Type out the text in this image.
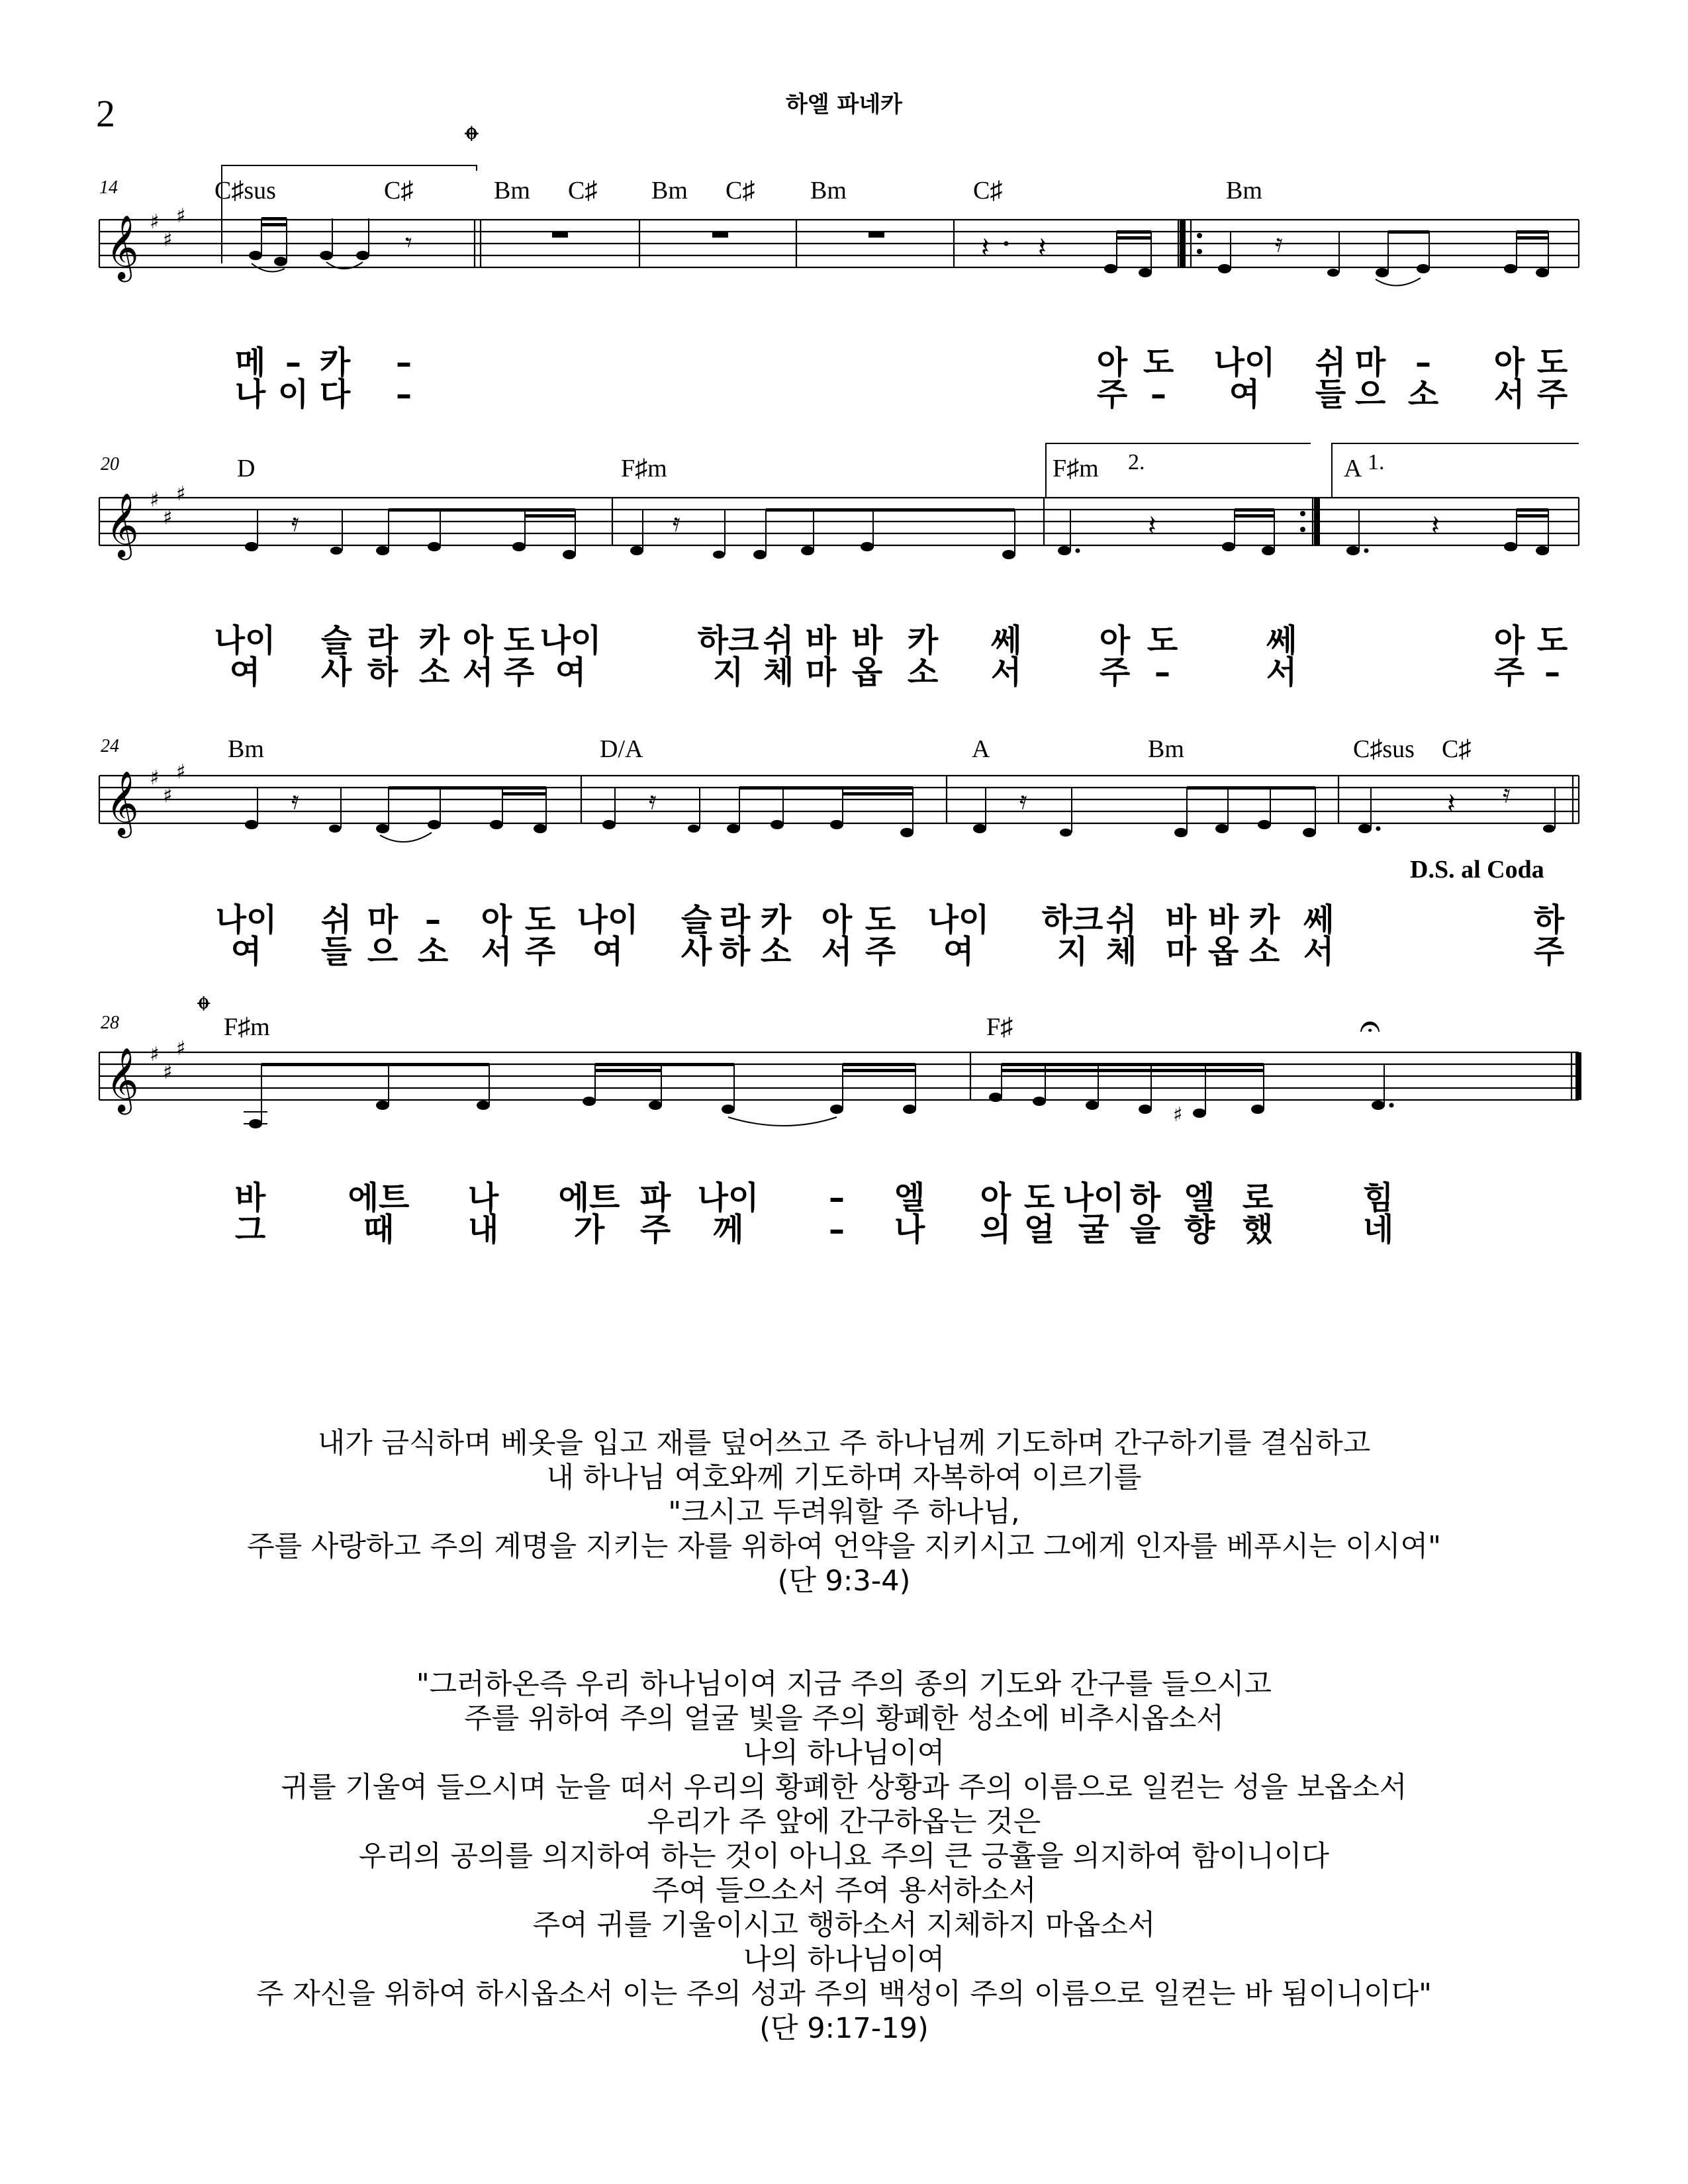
2	하엘 파네카
𝄞 ♯
♯
♯
𝄾	𝄽 𝄽	𝄿
14	C♯sus	C♯	Bm C♯ Bm C♯ Bm	C♯	Bm
𝄌
메 – 카 –	아 도 나이 쉬 마 – 아 도
나 이 다 –	주 – 여 들 으 소 서 주
𝄞 ♯
♯
♯
𝄿	𝄿	𝄽	𝄽
20	D	F♯m	F♯m 2.	A 1.
나이 슬 라 카 아 도 나이	하크 쉬 바 바 카 쎄 아 도	쎄	아 도
여 사 하 소 서 주 여	지 체 마 옵 소 서 주 –	서	주 –
𝄞 ♯
♯
♯
𝄿	𝄿	𝄿	𝄽 𝄿
24	Bm	D/A	A	Bm	C♯sus C♯
D.S. al Coda
나이 쉬 마 – 아 도 나이 슬 라 카 아 도 나이 하크 쉬 바 바 카 쎄	하
여 들 으 소 서 주 여 사 하 소 서 주 여	지 체 마 옵 소 서	주
𝄞 ♯
♯
♯
♯
28 𝄌 F♯m	F♯	𝄐
바	에트 나 에트 파 나이 – 엘 아 도 나이 하 엘 로	힘
그	때 내 가 주 께	– 나 의 얼 굴 을 향 했	네

내가 금식하며 베옷을 입고 재를 덮어쓰고 주 하나님께 기도하며 간구하기를 결심하고

내 하나님 여호와께 기도하며 자복하여 이르기를

"크시고 두려워할 주 하나님,

주를 사랑하고 주의 계명을 지키는 자를 위하여 언약을 지키시고 그에게 인자를 베푸시는 이시여"

(단 9:3-4)

"그러하온즉 우리 하나님이여 지금 주의 종의 기도와 간구를 들으시고

주를 위하여 주의 얼굴 빛을 주의 황폐한 성소에 비추시옵소서

나의 하나님이여

귀를 기울여 들으시며 눈을 떠서 우리의 황폐한 상황과 주의 이름으로 일컫는 성을 보옵소서

우리가 주 앞에 간구하옵는 것은

우리의 공의를 의지하여 하는 것이 아니요 주의 큰 긍휼을 의지하여 함이니이다

주여 들으소서 주여 용서하소서

주여 귀를 기울이시고 행하소서 지체하지 마옵소서

나의 하나님이여

주 자신을 위하여 하시옵소서 이는 주의 성과 주의 백성이 주의 이름으로 일컫는 바 됨이니이다"

(단 9:17-19)
